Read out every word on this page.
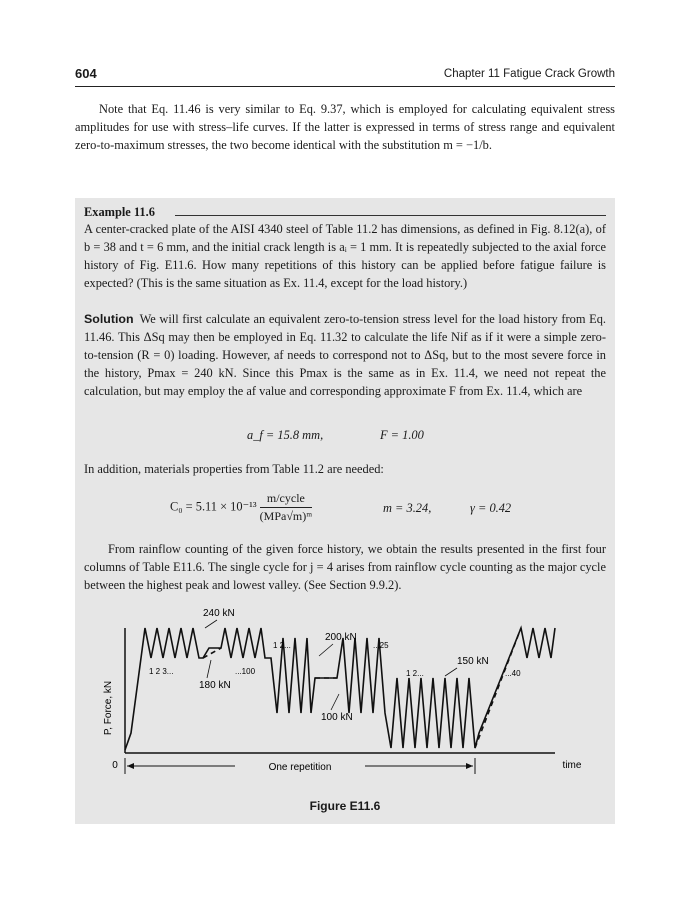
604	Chapter 11 Fatigue Crack Growth
Note that Eq. 11.46 is very similar to Eq. 9.37, which is employed for calculating equivalent stress amplitudes for use with stress–life curves. If the latter is expressed in terms of stress range and equivalent zero-to-maximum stresses, the two become identical with the substitution m = −1/b.
Example 11.6
A center-cracked plate of the AISI 4340 steel of Table 11.2 has dimensions, as defined in Fig. 8.12(a), of b = 38 and t = 6 mm, and the initial crack length is aᵢ = 1 mm. It is repeatedly subjected to the axial force history of Fig. E11.6. How many repetitions of this history can be applied before fatigue failure is expected? (This is the same situation as Ex. 11.4, except for the load history.)
Solution We will first calculate an equivalent zero-to-tension stress level for the load history from Eq. 11.46. This ΔSq may then be employed in Eq. 11.32 to calculate the life Nif as if it were a simple zero-to-tension (R = 0) loading. However, af needs to correspond not to ΔSq, but to the most severe force in the history, Pmax = 240 kN. Since this Pmax is the same as in Ex. 11.4, we need not repeat the calculation, but may employ the af value and corresponding approximate F from Ex. 11.4, which are
a_f = 15.8 mm,	F = 1.00
In addition, materials properties from Table 11.2 are needed:
$C_0 = 5.11 \times 10^{-13} \frac{\text{m/cycle}}{\text{(MPa√m)ᵐ}}$	m = 3.24,	γ = 0.42
From rainflow counting of the given force history, we obtain the results presented in the first four columns of Table E11.6. The single cycle for j = 4 arises from rainflow cycle counting as the major cycle between the highest peak and lowest valley. (See Section 9.9.2).
P, Force, kN
0	time
One repetition
240 kN
180 kN
1 2 3...	...100
200 kN
1 2...	...25
100 kN
150 kN
1 2...	...40
Figure E11.6
